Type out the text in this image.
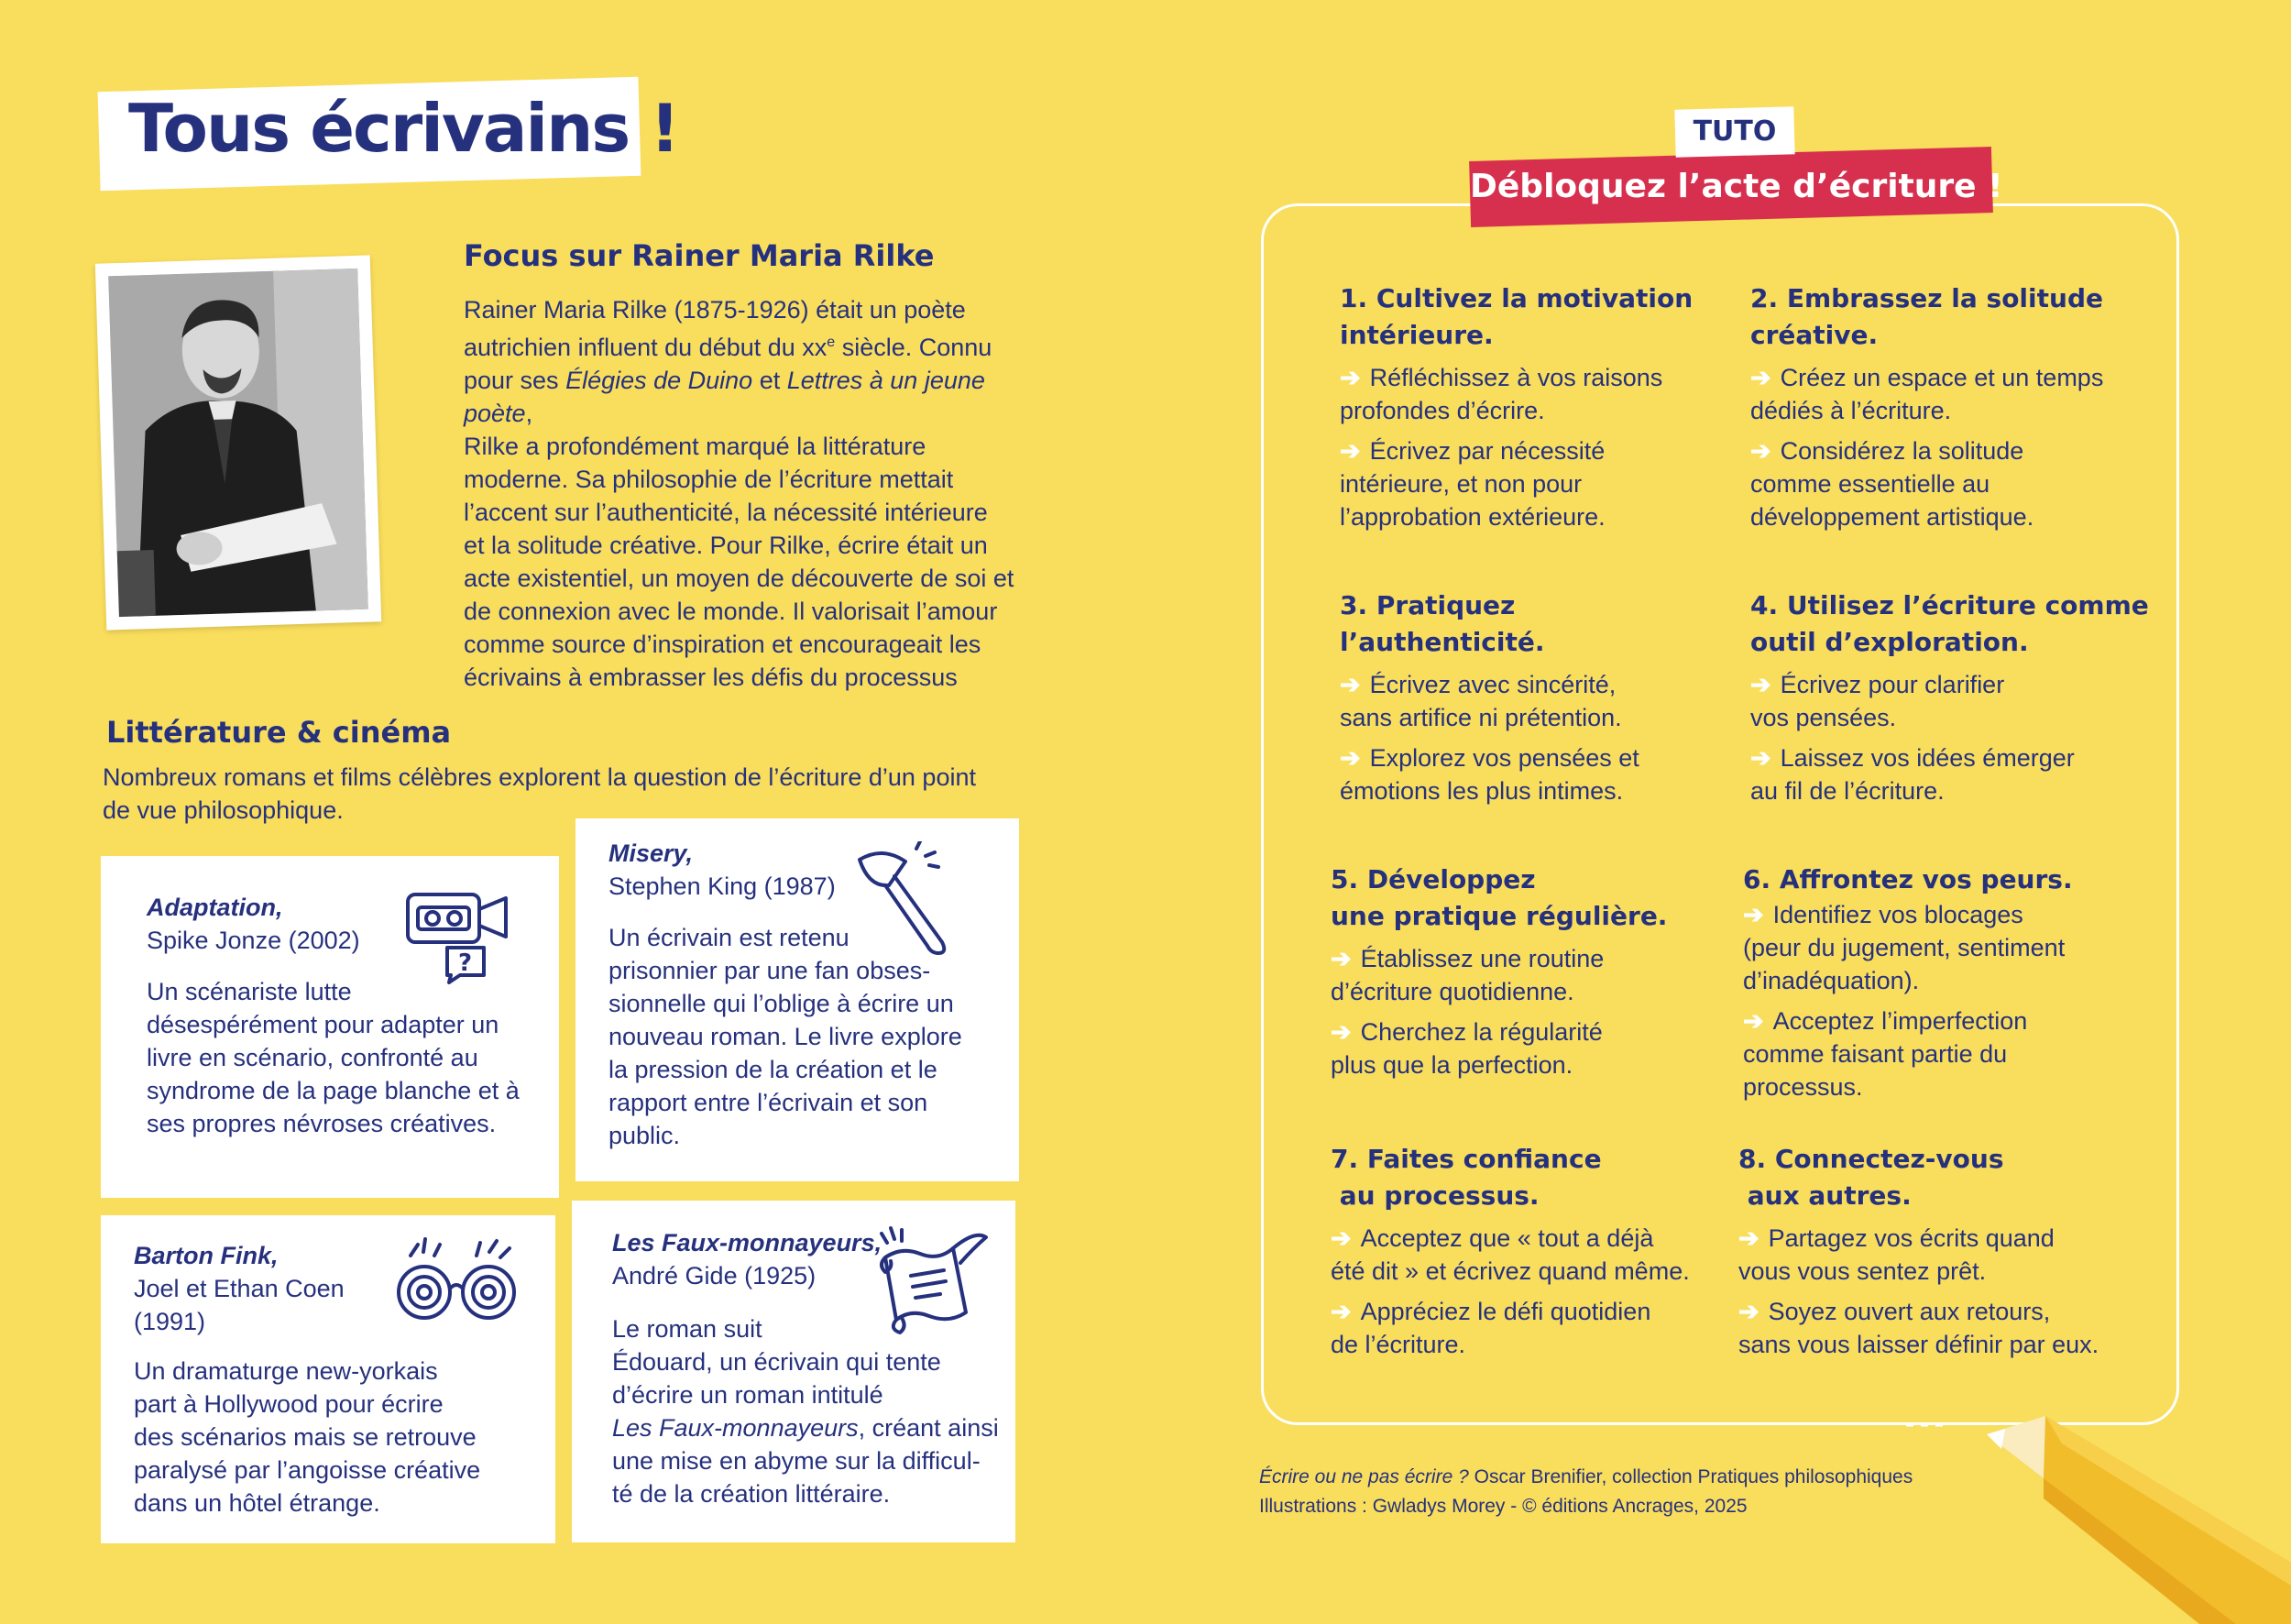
Tous écrivains !
Focus sur Rainer Maria Rilke
Rainer Maria Rilke (1875-1926) était un poète
autrichien influent du début du $xx^e$ siècle. Connu
pour ses Élégies de Duino et Lettres à un jeune poète,
Rilke a profondément marqué la littérature
moderne. Sa philosophie de l’écriture mettait
l’accent sur l’authenticité, la nécessité intérieure
et la solitude créative. Pour Rilke, écrire était un
acte existentiel, un moyen de découverte de soi et
de connexion avec le monde. Il valorisait l’amour
comme source d’inspiration et encourageait les
écrivains à embrasser les défis du processus
Littérature & cinéma
Nombreux romans et films célèbres explorent la question de l’écriture d’un point
de vue philosophique.
Adaptation,
Spike Jonze (2002)
Un scénariste lutte
désespérément pour adapter un
livre en scénario, confronté au
syndrome de la page blanche et à
ses propres névroses créatives.
?
Misery,
Stephen King (1987)
Un écrivain est retenu
prisonnier par une fan obses-
sionnelle qui l’oblige à écrire un
nouveau roman. Le livre explore
la pression de la création et le
rapport entre l’écrivain et son
public.
Barton Fink,
Joel et Ethan Coen
(1991)
Un dramaturge new-yorkais
part à Hollywood pour écrire
des scénarios mais se retrouve
paralysé par l’angoisse créative
dans un hôtel étrange.
Les Faux-monnayeurs,
André Gide (1925)
Le roman suit
Édouard, un écrivain qui tente
d’écrire un roman intitulé
Les Faux-monnayeurs, créant ainsi
une mise en abyme sur la difficul-
té de la création littéraire.
Débloquez l’acte d’écriture !
TUTO
1. Cultivez la motivation
intérieure.
➔ Réfléchissez à vos raisons
profondes d’écrire.
➔ Écrivez par nécessité
intérieure, et non pour
l’approbation extérieure.
2. Embrassez la solitude
créative.
➔ Créez un espace et un temps
dédiés à l’écriture.
➔ Considérez la solitude
comme essentielle au
développement artistique.
3. Pratiquez
l’authenticité.
➔ Écrivez avec sincérité,
sans artifice ni prétention.
➔ Explorez vos pensées et
émotions les plus intimes.
4. Utilisez l’écriture comme
outil d’exploration.
➔ Écrivez pour clarifier
vos pensées.
➔ Laissez vos idées émerger
au fil de l’écriture.
5. Développez
une pratique régulière.
➔ Établissez une routine
d’écriture quotidienne.
➔ Cherchez la régularité
plus que la perfection.
6. Affrontez vos peurs.
➔ Identifiez vos blocages
(peur du jugement, sentiment
d’inadéquation).
➔ Acceptez l’imperfection
comme faisant partie du
processus.
7. Faites confiance
au processus.
➔ Acceptez que « tout a déjà
été dit » et écrivez quand même.
➔ Appréciez le défi quotidien
de l’écriture.
8. Connectez-vous
aux autres.
➔ Partagez vos écrits quand
vous vous sentez prêt.
➔ Soyez ouvert aux retours,
sans vous laisser définir par eux.
Écrire ou ne pas écrire ? Oscar Brenifier, collection Pratiques philosophiques
Illustrations : Gwladys Morey - © éditions Ancrages, 2025
